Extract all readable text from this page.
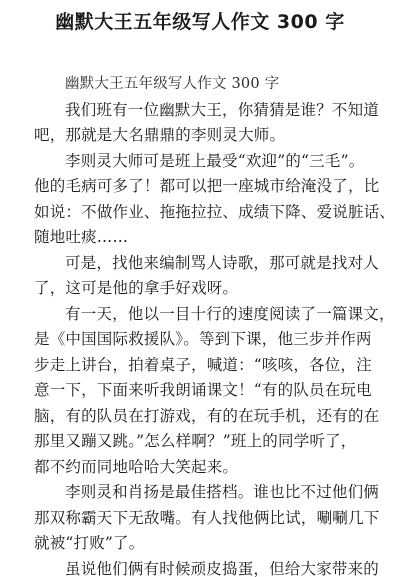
幽默大王五年级写人作文 300 字
幽默大王五年级写人作文 300 字
我们班有一位幽默大王，你猜猜是谁？不知道
吧，那就是大名鼎鼎的李则灵大师。
李则灵大师可是班上最受“欢迎”的“三毛”。
他的毛病可多了！都可以把一座城市给淹没了，比
如说：不做作业、拖拖拉拉、成绩下降、爱说脏话、
随地吐痰……
可是，找他来编制骂人诗歌，那可就是找对人
了，这可是他的拿手好戏呀。
有一天，他以一目十行的速度阅读了一篇课文，
是《中国国际救援队》。等到下课，他三步并作两
步走上讲台，拍着桌子，喊道：“咳咳，各位，注
意一下，下面来听我朗诵课文！“有的队员在玩电
脑，有的队员在打游戏，有的在玩手机，还有的在
那里又蹦又跳。”怎么样啊？”班上的同学听了，
都不约而同地哈哈大笑起来。
李则灵和肖扬是最佳搭档。谁也比不过他们俩
那双称霸天下无敌嘴。有人找他俩比试，唰唰几下
就被“打败”了。
虽说他们俩有时候顽皮捣蛋，但给大家带来的
